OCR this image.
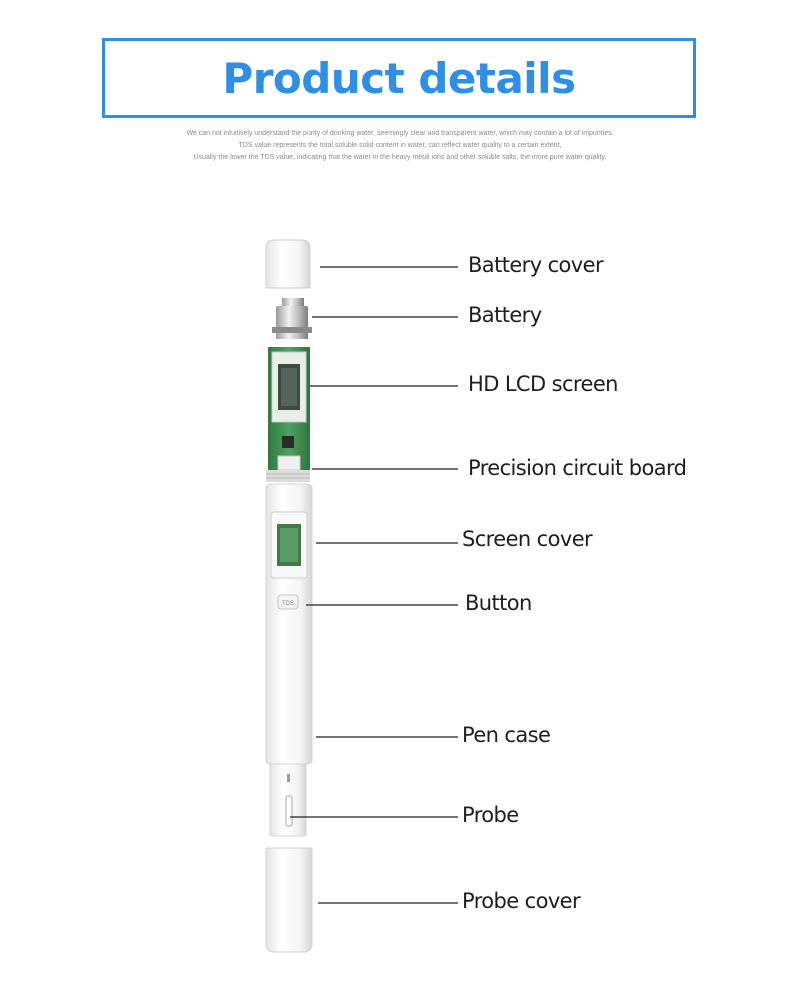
Product details
We can not intuitively understand the purity of drinking water, seemingly clear and transparent water, which may contain a lot of impurities.
TDS value represents the total soluble solid content in water, can reflect water quality to a certain extent,
Usually the lower the TDS value, indicating that the water in the heavy metal ions and other soluble salts, the more pure water quality.
TDS
Battery cover
Battery
HD LCD screen
Precision circuit board
Screen cover
Button
Pen case
Probe
Probe cover
